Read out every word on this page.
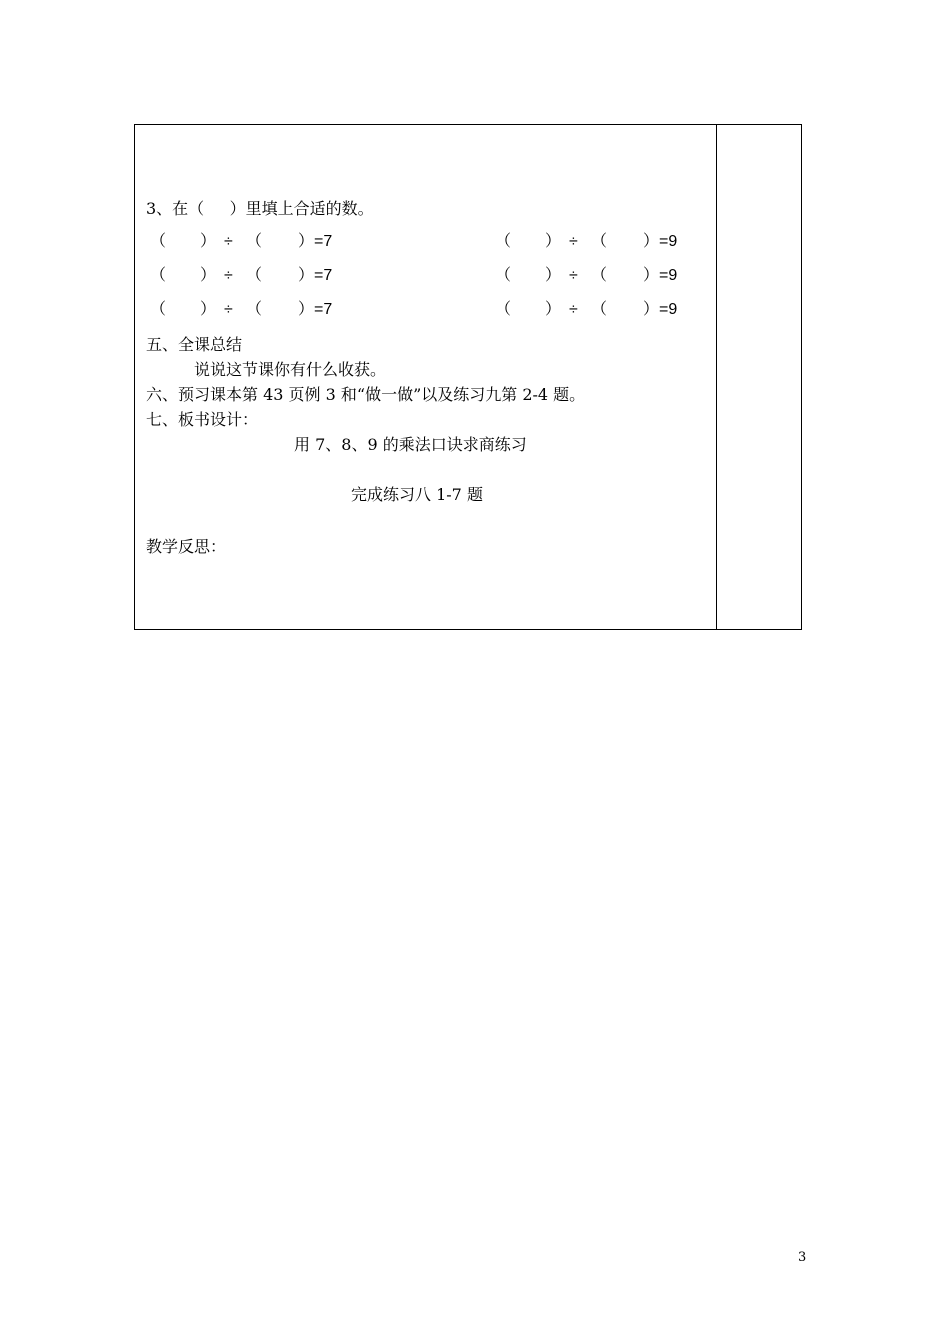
3、在（     ）里填上合适的数。

（

）

÷

（

）=7

（

）

÷

（

）=7

（

）

÷

（

）=7

（

）

÷

（

）=9

（

）

÷

（

）=9

（

）

÷

（

）=9

五、全课总结
说说这节课你有什么收获。
六、预习课本第 43 页例 3 和“做一做”以及练习九第 2-4 题。
七、板书设计：
用 7、8、9 的乘法口诀求商练习
完成练习八 1-7 题
教学反思：
3
